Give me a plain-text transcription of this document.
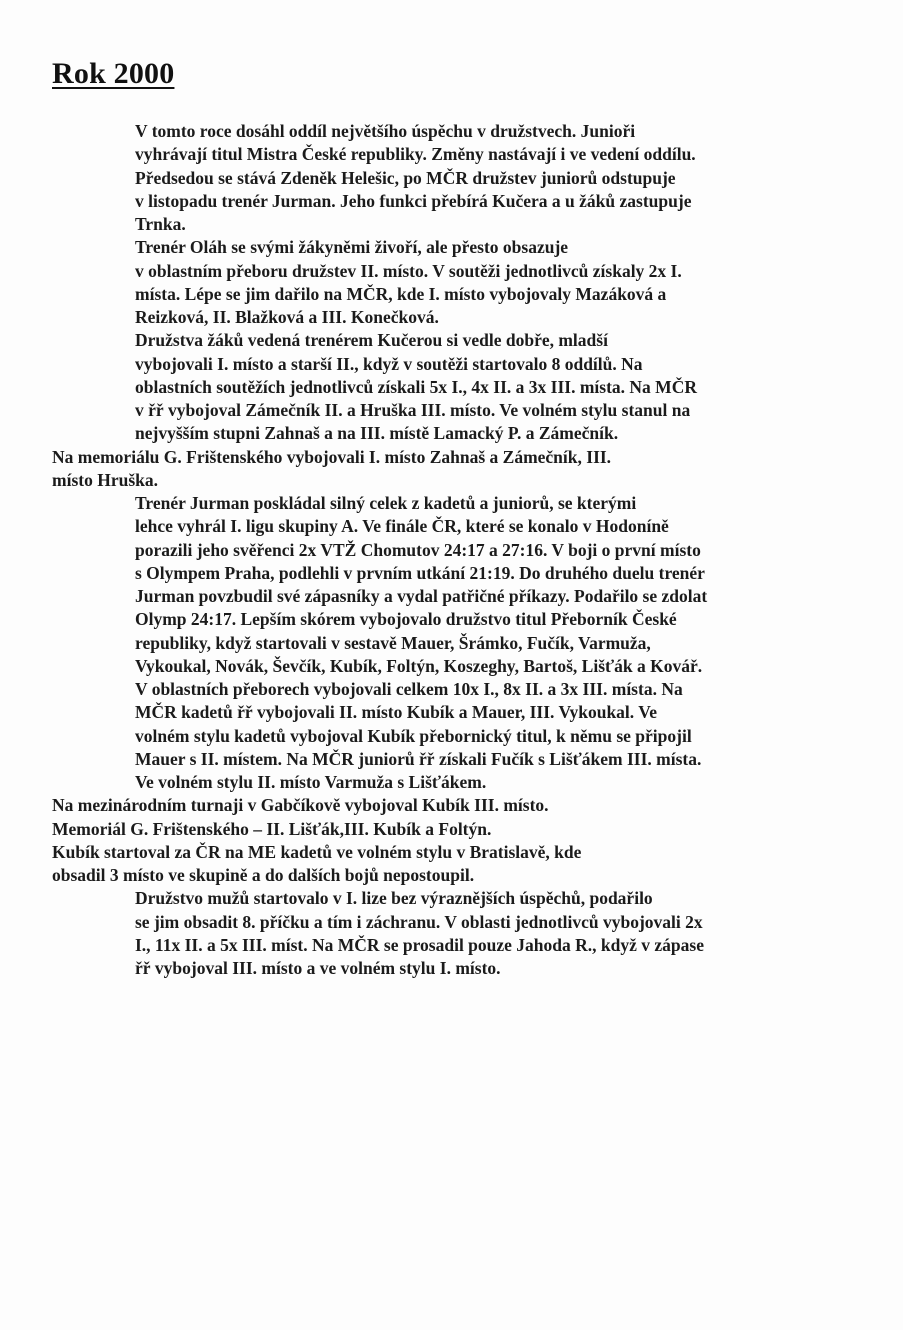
Rok 2000

V tomto roce dosáhl oddíl největšího úspěchu v družstvech. Junioři
vyhrávají titul Mistra České republiky. Změny nastávají i ve vedení oddílu.
Předsedou se stává Zdeněk Helešic, po MČR družstev juniorů odstupuje
v listopadu trenér Jurman. Jeho funkci přebírá Kučera a u žáků zastupuje
Trnka.

Trenér Oláh se svými žákyněmi živoří, ale přesto obsazuje
v oblastním přeboru družstev II. místo. V soutěži jednotlivců získaly 2x I.
místa. Lépe se jim dařilo na MČR, kde I. místo vybojovaly Mazáková a
Reizková, II. Blažková a III. Konečková.

Družstva žáků vedená trenérem Kučerou si vedle dobře, mladší
vybojovali I. místo a starší II., když v soutěži startovalo 8 oddílů. Na
oblastních soutěžích jednotlivců získali 5x I., 4x II. a 3x III. místa. Na MČR
v řř vybojoval Zámečník II. a Hruška III. místo. Ve volném stylu stanul na
nejvyšším stupni Zahnaš a na III. místě Lamacký P. a Zámečník.

Na memoriálu G. Frištenského vybojovali I. místo Zahnaš a Zámečník, III.
místo Hruška.

Trenér Jurman poskládal silný celek z kadetů a juniorů, se kterými
lehce vyhrál I. ligu skupiny A. Ve finále ČR, které se konalo v Hodoníně
porazili jeho svěřenci 2x VTŽ Chomutov 24:17 a 27:16. V boji o první místo
s Olympem Praha, podlehli v prvním utkání 21:19. Do druhého duelu trenér
Jurman povzbudil své zápasníky a vydal patřičné příkazy. Podařilo se zdolat
Olymp 24:17. Lepším skórem vybojovalo družstvo titul Přeborník České
republiky, když startovali v sestavě Mauer, Šrámko, Fučík, Varmuža,
Vykoukal, Novák, Ševčík, Kubík, Foltýn, Koszeghy, Bartoš, Lišťák a Kovář.
V oblastních přeborech vybojovali celkem 10x I., 8x II. a 3x III. místa. Na
MČR kadetů řř vybojovali II. místo Kubík a Mauer, III. Vykoukal. Ve
volném stylu kadetů vybojoval Kubík přebornický titul, k němu se připojil
Mauer s II. místem. Na MČR juniorů řř získali Fučík s Lišťákem III. místa.
Ve volném stylu II. místo Varmuža s Lišťákem.

Na mezinárodním turnaji v Gabčíkově vybojoval Kubík III. místo.
Memoriál G. Frištenského – II. Lišťák,III. Kubík a Foltýn.
Kubík startoval za ČR na ME kadetů ve volném stylu v Bratislavě, kde
obsadil 3 místo ve skupině a do dalších bojů nepostoupil.

Družstvo mužů startovalo v I. lize bez výraznějších úspěchů, podařilo
se jim obsadit 8. příčku a tím i záchranu. V oblasti jednotlivců vybojovali 2x
I., 11x II. a 5x III. míst. Na MČR se prosadil pouze Jahoda R., když v zápase
řř vybojoval III. místo a ve volném stylu I. místo.
